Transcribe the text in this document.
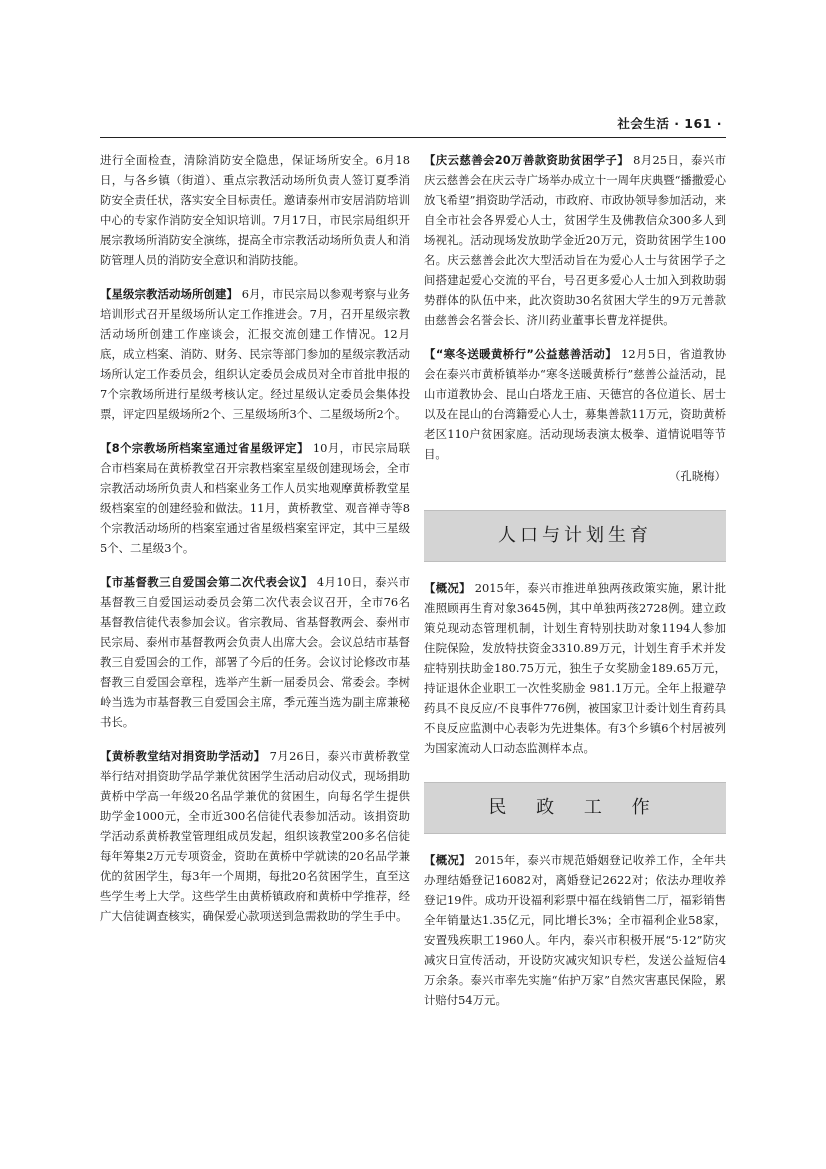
社会生活 · 161 ·

进行全面检查，清除消防安全隐患，保证场所安全。6月18日，与各乡镇（街道）、重点宗教活动场所负责人签订夏季消防安全责任状，落实安全目标责任。邀请泰州市安居消防培训中心的专家作消防安全知识培训。7月17日，市民宗局组织开展宗教场所消防安全演练，提高全市宗教活动场所负责人和消防管理人员的消防安全意识和消防技能。

【星级宗教活动场所创建】 6月，市民宗局以参观考察与业务培训形式召开星级场所认定工作推进会。7月，召开星级宗教活动场所创建工作座谈会，汇报交流创建工作情况。12月底，成立档案、消防、财务、民宗等部门参加的星级宗教活动场所认定工作委员会，组织认定委员会成员对全市首批申报的7个宗教场所进行星级考核认定。经过星级认定委员会集体投票，评定四星级场所2个、三星级场所3个、二星级场所2个。

【8个宗教场所档案室通过省星级评定】 10月，市民宗局联合市档案局在黄桥教堂召开宗教档案室星级创建现场会，全市宗教活动场所负责人和档案业务工作人员实地观摩黄桥教堂星级档案室的创建经验和做法。11月，黄桥教堂、观音禅寺等8个宗教活动场所的档案室通过省星级档案室评定，其中三星级5个、二星级3个。

【市基督教三自爱国会第二次代表会议】 4月10日，泰兴市基督教三自爱国运动委员会第二次代表会议召开，全市76名基督教信徒代表参加会议。省宗教局、省基督教两会、泰州市民宗局、泰州市基督教两会负责人出席大会。会议总结市基督教三自爱国会的工作，部署了今后的任务。会议讨论修改市基督教三自爱国会章程，选举产生新一届委员会、常委会。李树岭当选为市基督教三自爱国会主席，季元莲当选为副主席兼秘书长。

【黄桥教堂结对捐资助学活动】 7月26日，泰兴市黄桥教堂举行结对捐资助学品学兼优贫困学生活动启动仪式，现场捐助黄桥中学高一年级20名品学兼优的贫困生，向每名学生提供助学金1000元，全市近300名信徒代表参加活动。该捐资助学活动系黄桥教堂管理组成员发起，组织该教堂200多名信徒每年筹集2万元专项资金，资助在黄桥中学就读的20名品学兼优的贫困学生，每3年一个周期，每批20名贫困学生，直至这些学生考上大学。这些学生由黄桥镇政府和黄桥中学推荐，经广大信徒调查核实，确保爱心款项送到急需救助的学生手中。

【庆云慈善会20万善款资助贫困学子】 8月25日，泰兴市庆云慈善会在庆云寺广场举办成立十一周年庆典暨“播撒爱心 放飞希望”捐资助学活动，市政府、市政协领导参加活动，来自全市社会各界爱心人士，贫困学生及佛教信众300多人到场视礼。活动现场发放助学金近20万元，资助贫困学生100名。庆云慈善会此次大型活动旨在为爱心人士与贫困学子之间搭建起爱心交流的平台，号召更多爱心人士加入到救助弱势群体的队伍中来，此次资助30名贫困大学生的9万元善款由慈善会名誉会长、济川药业董事长曹龙祥提供。

【“寒冬送暖黄桥行”公益慈善活动】 12月5日，省道教协会在泰兴市黄桥镇举办“寒冬送暖黄桥行”慈善公益活动，昆山市道教协会、昆山白塔龙王庙、天德宫的各位道长、居士以及在昆山的台湾籍爱心人士，募集善款11万元，资助黄桥老区110户贫困家庭。活动现场表演太极拳、道情说唱等节目。

（孔晓梅）

人口与计划生育

【概况】 2015年，泰兴市推进单独两孩政策实施，累计批准照顾再生育对象3645例，其中单独两孩2728例。建立政策兑现动态管理机制，计划生育特别扶助对象1194人参加住院保险，发放特扶资金3310.89万元，计划生育手术并发症特别扶助金180.75万元，独生子女奖励金189.65万元，持证退休企业职工一次性奖励金 981.1万元。全年上报避孕药具不良反应/不良事件776例，被国家卫计委计划生育药具不良反应监测中心表彰为先进集体。有3个乡镇6个村居被列为国家流动人口动态监测样本点。

民 政 工 作

【概况】 2015年，泰兴市规范婚姻登记收养工作，全年共办理结婚登记16082对，离婚登记2622对；依法办理收养登记19件。成功开设福利彩票中福在线销售二厅，福彩销售全年销量达1.35亿元，同比增长3%；全市福利企业58家，安置残疾职工1960人。年内，泰兴市积极开展“5·12”防灾减灾日宣传活动，开设防灾减灾知识专栏，发送公益短信4万余条。泰兴市率先实施“佑护万家”自然灾害惠民保险，累计赔付54万元。
